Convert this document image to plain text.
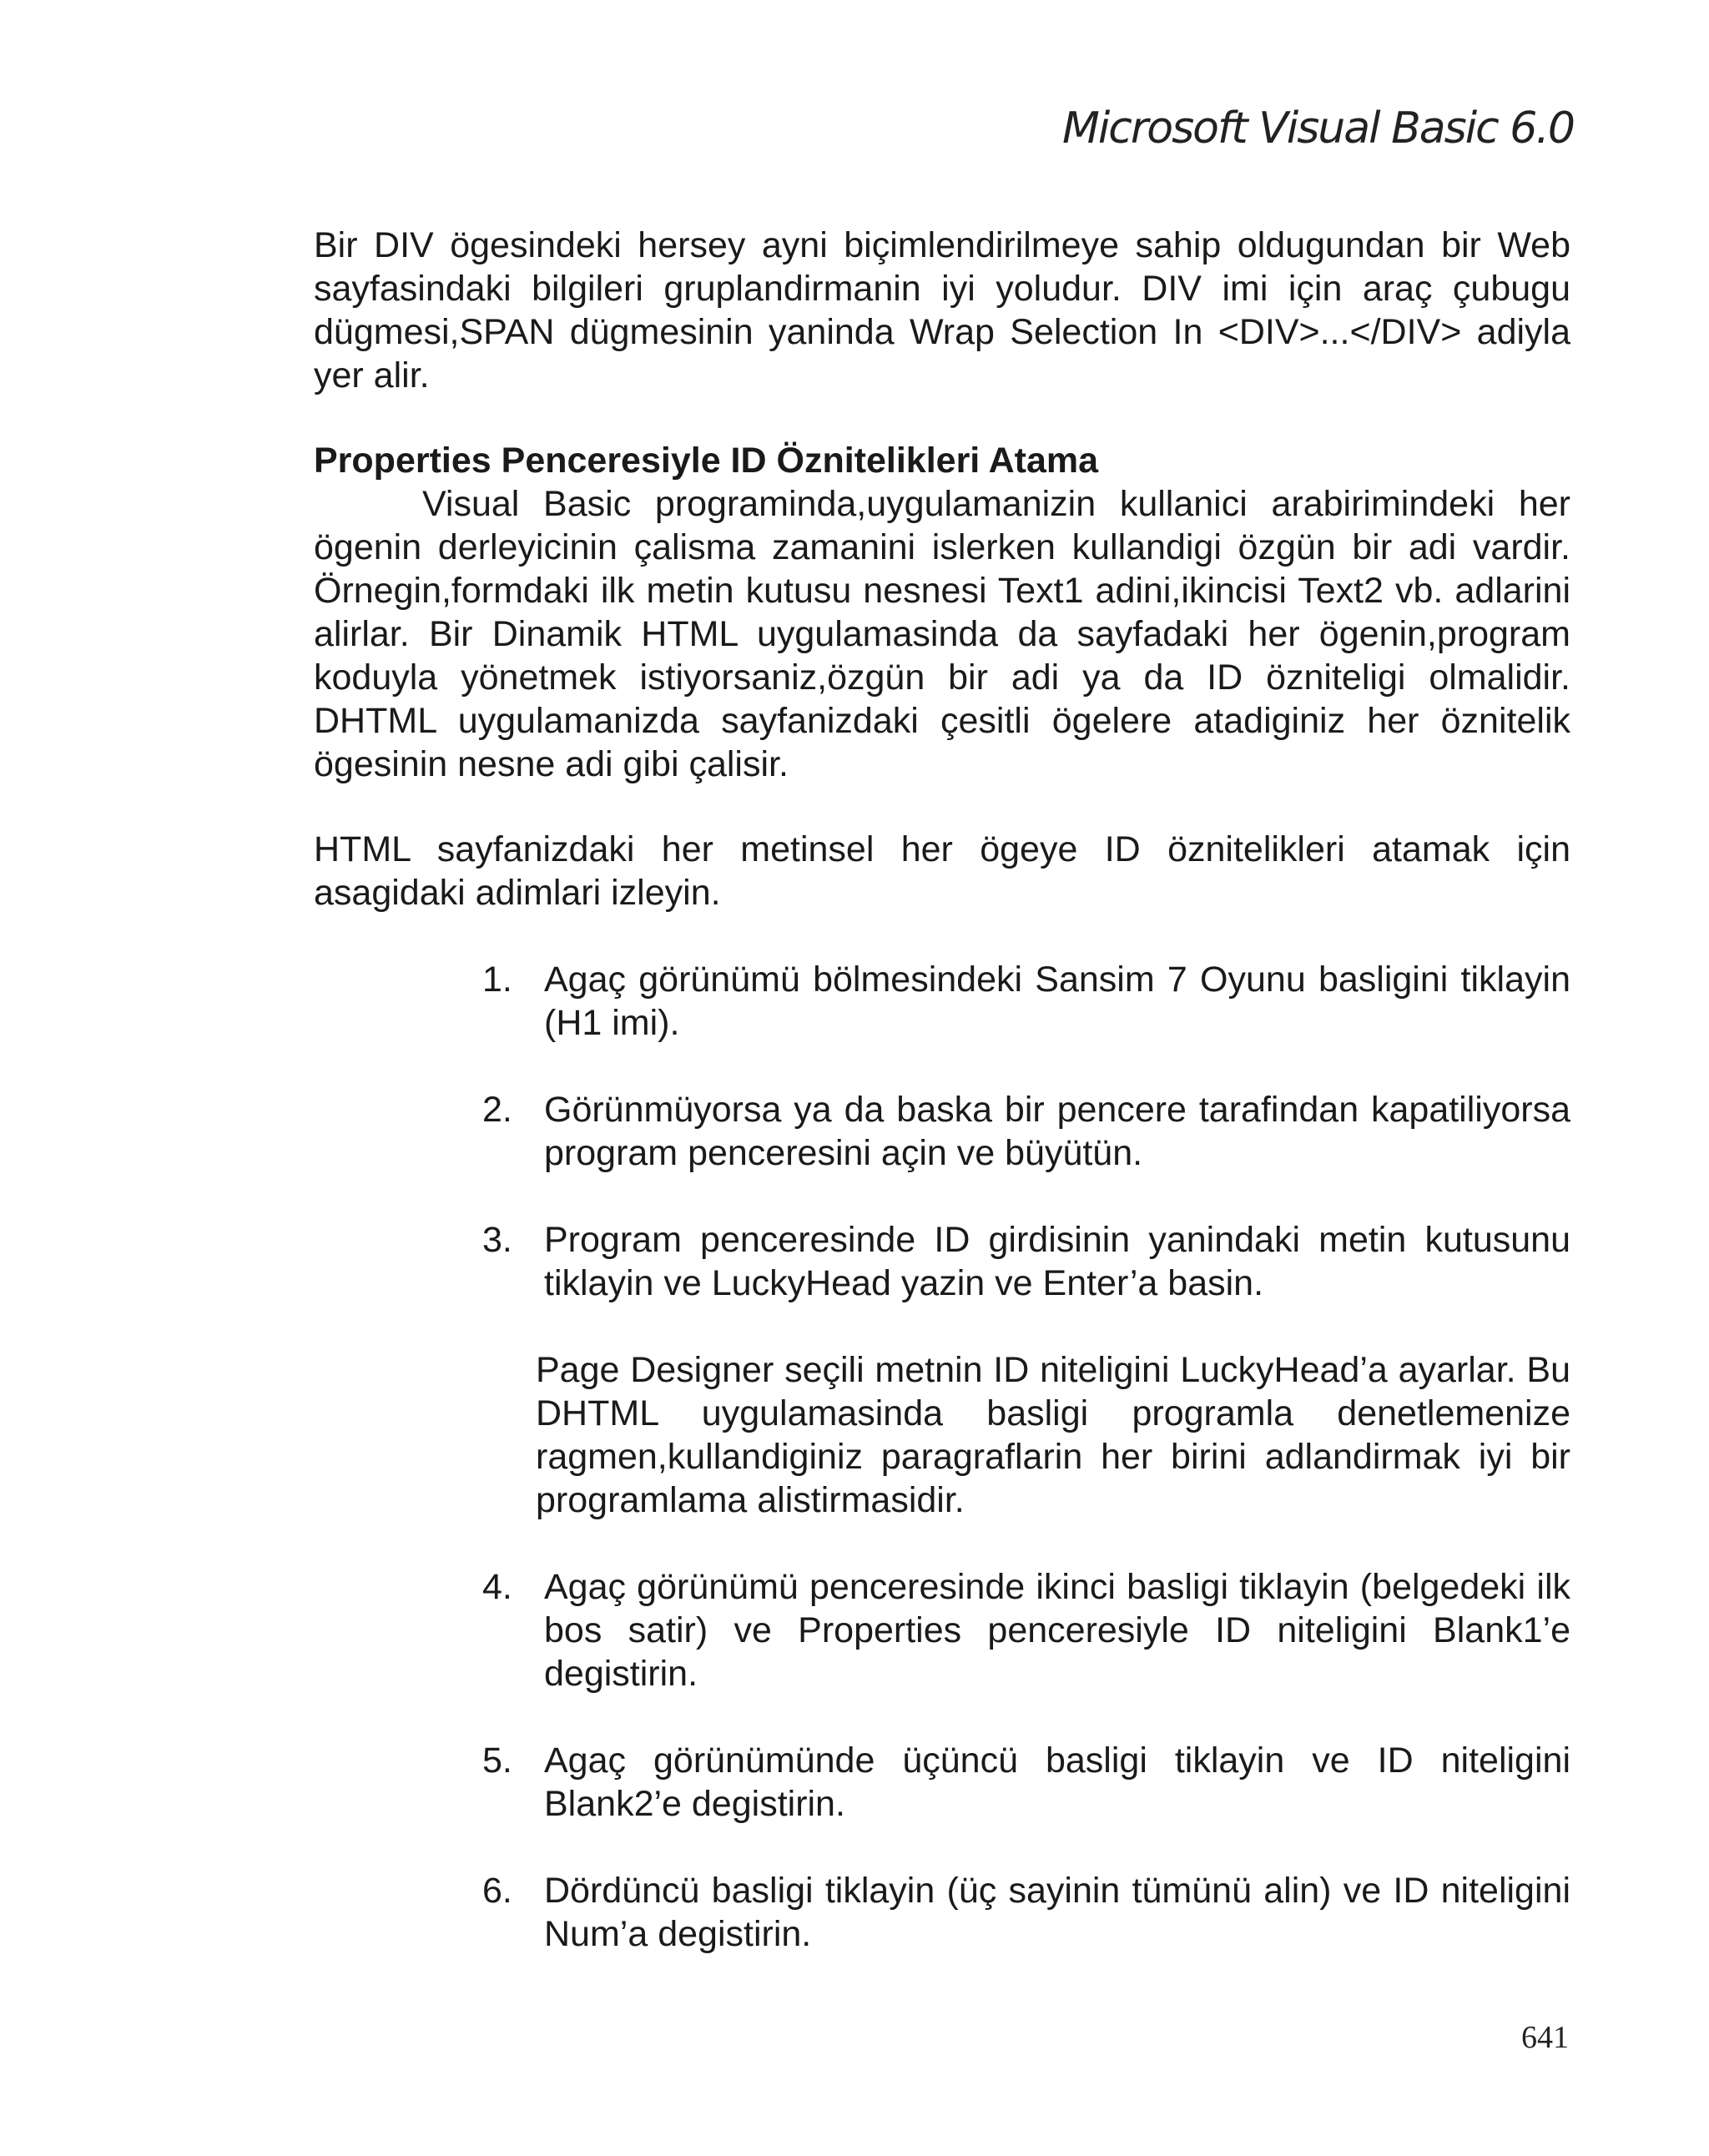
Microsoft Visual Basic 6.0

Bir DIV ögesindeki hersey ayni biçimlendirilmeye sahip oldugundan bir Web sayfasindaki bilgileri gruplandirmanin iyi yoludur. DIV imi için araç çubugu dügmesi,SPAN dügmesinin yaninda Wrap Selection In <DIV>...</DIV> adiyla yer alir.

Properties Penceresiyle ID Öznitelikleri Atama

Visual Basic programinda,uygulamanizin kullanici arabirimindeki her ögenin derleyicinin çalisma zamanini islerken kullandigi özgün bir adi vardir. Örnegin,formdaki ilk metin kutusu nesnesi Text1 adini,ikincisi Text2 vb. adlarini alirlar. Bir Dinamik HTML uygulamasinda da sayfadaki her ögenin,program koduyla yönetmek istiyorsaniz,özgün bir adi ya da ID özniteligi olmalidir. DHTML uygulamanizda sayfanizdaki çesitli ögelere atadiginiz her öznitelik ögesinin nesne adi gibi çalisir.

HTML sayfanizdaki her metinsel her ögeye ID öznitelikleri atamak için asagidaki adimlari izleyin.

1. Agaç görünümü bölmesindeki Sansim 7 Oyunu basligini tiklayin (H1 imi).
2. Görünmüyorsa ya da baska bir pencere tarafindan kapatiliyorsa program penceresini açin ve büyütün.
3. Program penceresinde ID girdisinin yanindaki metin kutusunu tiklayin ve LuckyHead yazin ve Enter’a basin.

Page Designer seçili metnin ID niteligini LuckyHead’a ayarlar. Bu DHTML uygulamasinda basligi programla denetlemenize ragmen,kullandiginiz paragraflarin her birini adlandirmak iyi bir programlama alistirmasidir.

4. Agaç görünümü penceresinde ikinci basligi tiklayin (belgedeki ilk bos satir) ve Properties penceresiyle ID niteligini Blank1’e degistirin.
5. Agaç görünümünde üçüncü basligi tiklayin ve ID niteligini Blank2’e degistirin.
6. Dördüncü basligi tiklayin (üç sayinin tümünü alin) ve ID niteligini Num’a degistirin.
641
